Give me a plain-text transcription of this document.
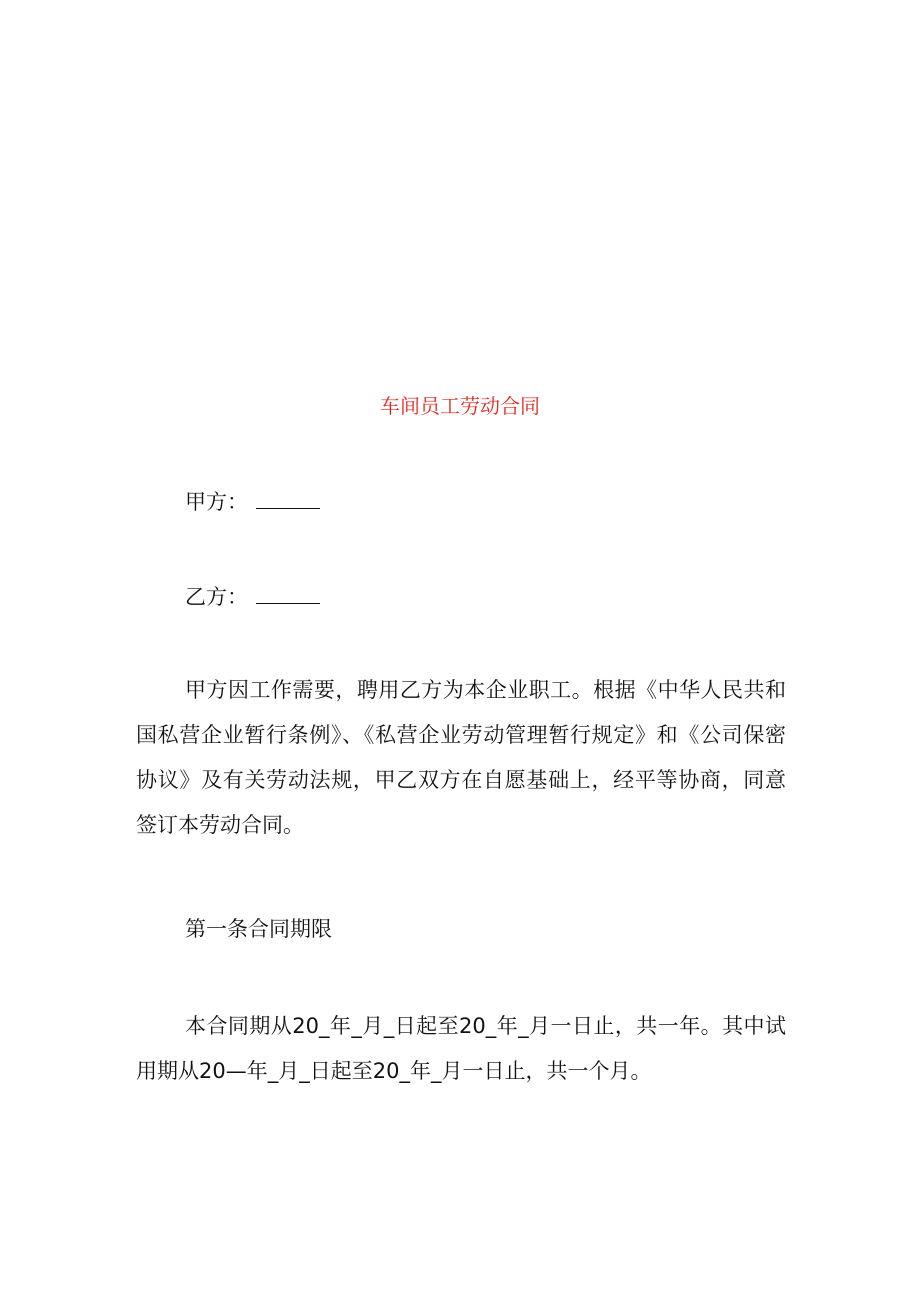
车间员工劳动合同
甲方：
乙方：

甲方因工作需要，聘用乙方为本企业职工。根据《中华人民共和国私营企业暂行条例》、《私营企业劳动管理暂行规定》和《公司保密协议》及有关劳动法规，甲乙双方在自愿基础上，经平等协商，同意签订本劳动合同。

第一条合同期限

本合同期从20_年_月_日起至20_年_月一日止，共一年。其中试用期从20—年_月_日起至20_年_月一日止，共一个月。
